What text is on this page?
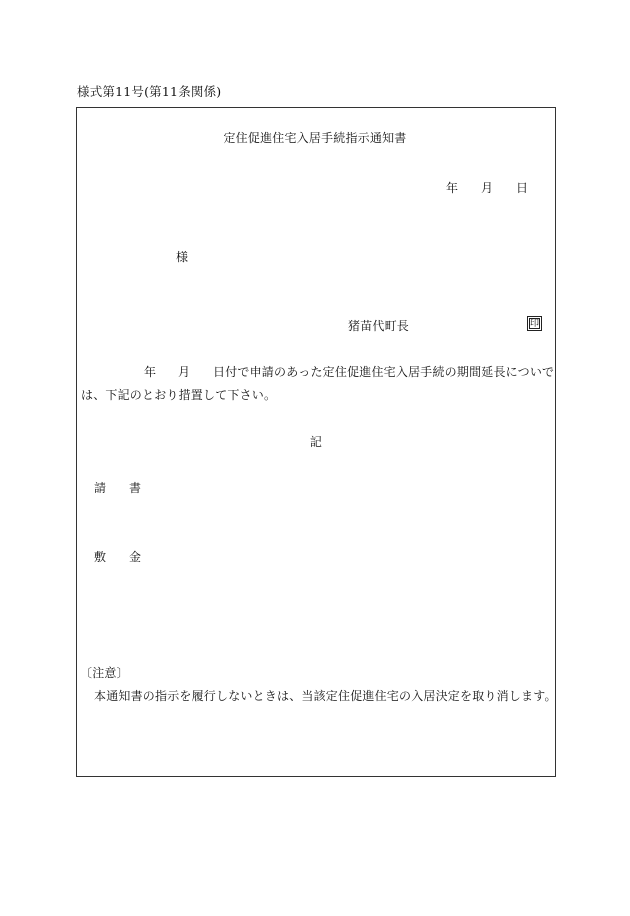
様式第11号(第11条関係)
定住促進住宅入居手続指示通知書
年 月 日
様
猪苗代町長	印
年 月 日付で申請のあった定住促進住宅入居手続の期間延長についで
は、下記のとおり措置して下さい。
記
請 書
敷 金
〔注意〕
本通知書の指示を履行しないときは、当該定住促進住宅の入居決定を取り消します。
